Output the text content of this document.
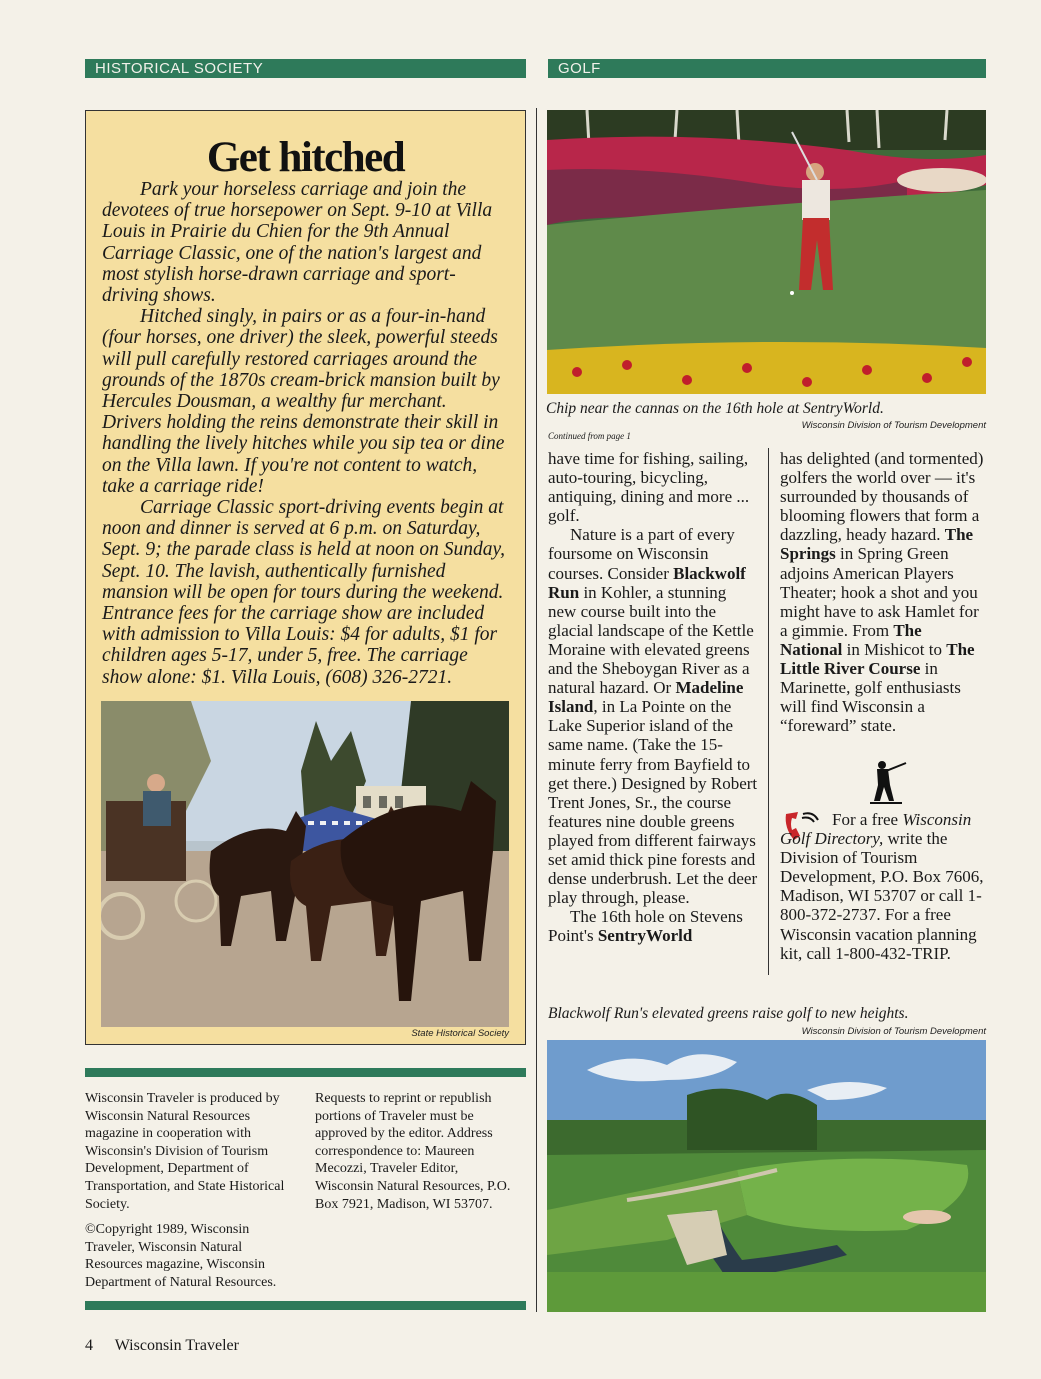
HISTORICAL SOCIETY	GOLF
Get hitched

Park your horseless carriage and join the devotees of true horsepower on Sept. 9-10 at Villa Louis in Prairie du Chien for the 9th Annual Carriage Classic, one of the nation's largest and most stylish horse-drawn carriage and sport-driving shows.

Hitched singly, in pairs or as a four-in-hand (four horses, one driver) the sleek, powerful steeds will pull carefully restored carriages around the grounds of the 1870s cream-brick mansion built by Hercules Dousman, a wealthy fur merchant. Drivers holding the reins demonstrate their skill in handling the lively hitches while you sip tea or dine on the Villa lawn. If you're not content to watch, take a carriage ride!

Carriage Classic sport-driving events begin at noon and dinner is served at 6 p.m. on Saturday, Sept. 9; the parade class is held at noon on Sunday, Sept. 10. The lavish, authentically furnished mansion will be open for tours during the weekend. Entrance fees for the carriage show are included with admission to Villa Louis: $4 for adults, $1 for children ages 5-17, under 5, free. The carriage show alone: $1. Villa Louis, (608) 326-2721.

State Historical Society

Wisconsin Traveler is produced by Wisconsin Natural Resources magazine in cooperation with Wisconsin's Division of Tourism Development, Department of Transportation, and State Historical Society.

©Copyright 1989, Wisconsin Traveler, Wisconsin Natural Resources magazine, Wisconsin Department of Natural Resources.

Requests to reprint or republish portions of Traveler must be approved by the editor. Address correspondence to: Maureen Mecozzi, Traveler Editor, Wisconsin Natural Resources, P.O. Box 7921, Madison, WI 53707.

4 Wisconsin Traveler
Chip near the cannas on the 16th hole at SentryWorld.
Wisconsin Division of Tourism Development
Continued from page 1

have time for fishing, sailing, auto-touring, bicycling, antiquing, dining and more ... golf.

Nature is a part of every foursome on Wisconsin courses. Consider Blackwolf Run in Kohler, a stunning new course built into the glacial landscape of the Kettle Moraine with elevated greens and the Sheboygan River as a natural hazard. Or Madeline Island, in La Pointe on the Lake Superior island of the same name. (Take the 15-minute ferry from Bayfield to get there.) Designed by Robert Trent Jones, Sr., the course features nine double greens played from different fairways set amid thick pine forests and dense underbrush. Let the deer play through, please.

The 16th hole on Stevens Point's SentryWorld

has delighted (and tormented) golfers the world over — it's surrounded by thousands of blooming flowers that form a dazzling, heady hazard. The Springs in Spring Green adjoins American Players Theater; hook a shot and you might have to ask Hamlet for a gimmie. From The National in Mishicot to The Little River Course in Marinette, golf enthusiasts will find Wisconsin a “foreward” state.

For a free Wisconsin Golf Directory, write the Division of Tourism Development, P.O. Box 7606, Madison, WI 53707 or call 1-800-372-2737. For a free Wisconsin vacation planning kit, call 1-800-432-TRIP.

Blackwolf Run's elevated greens raise golf to new heights.
Wisconsin Division of Tourism Development
